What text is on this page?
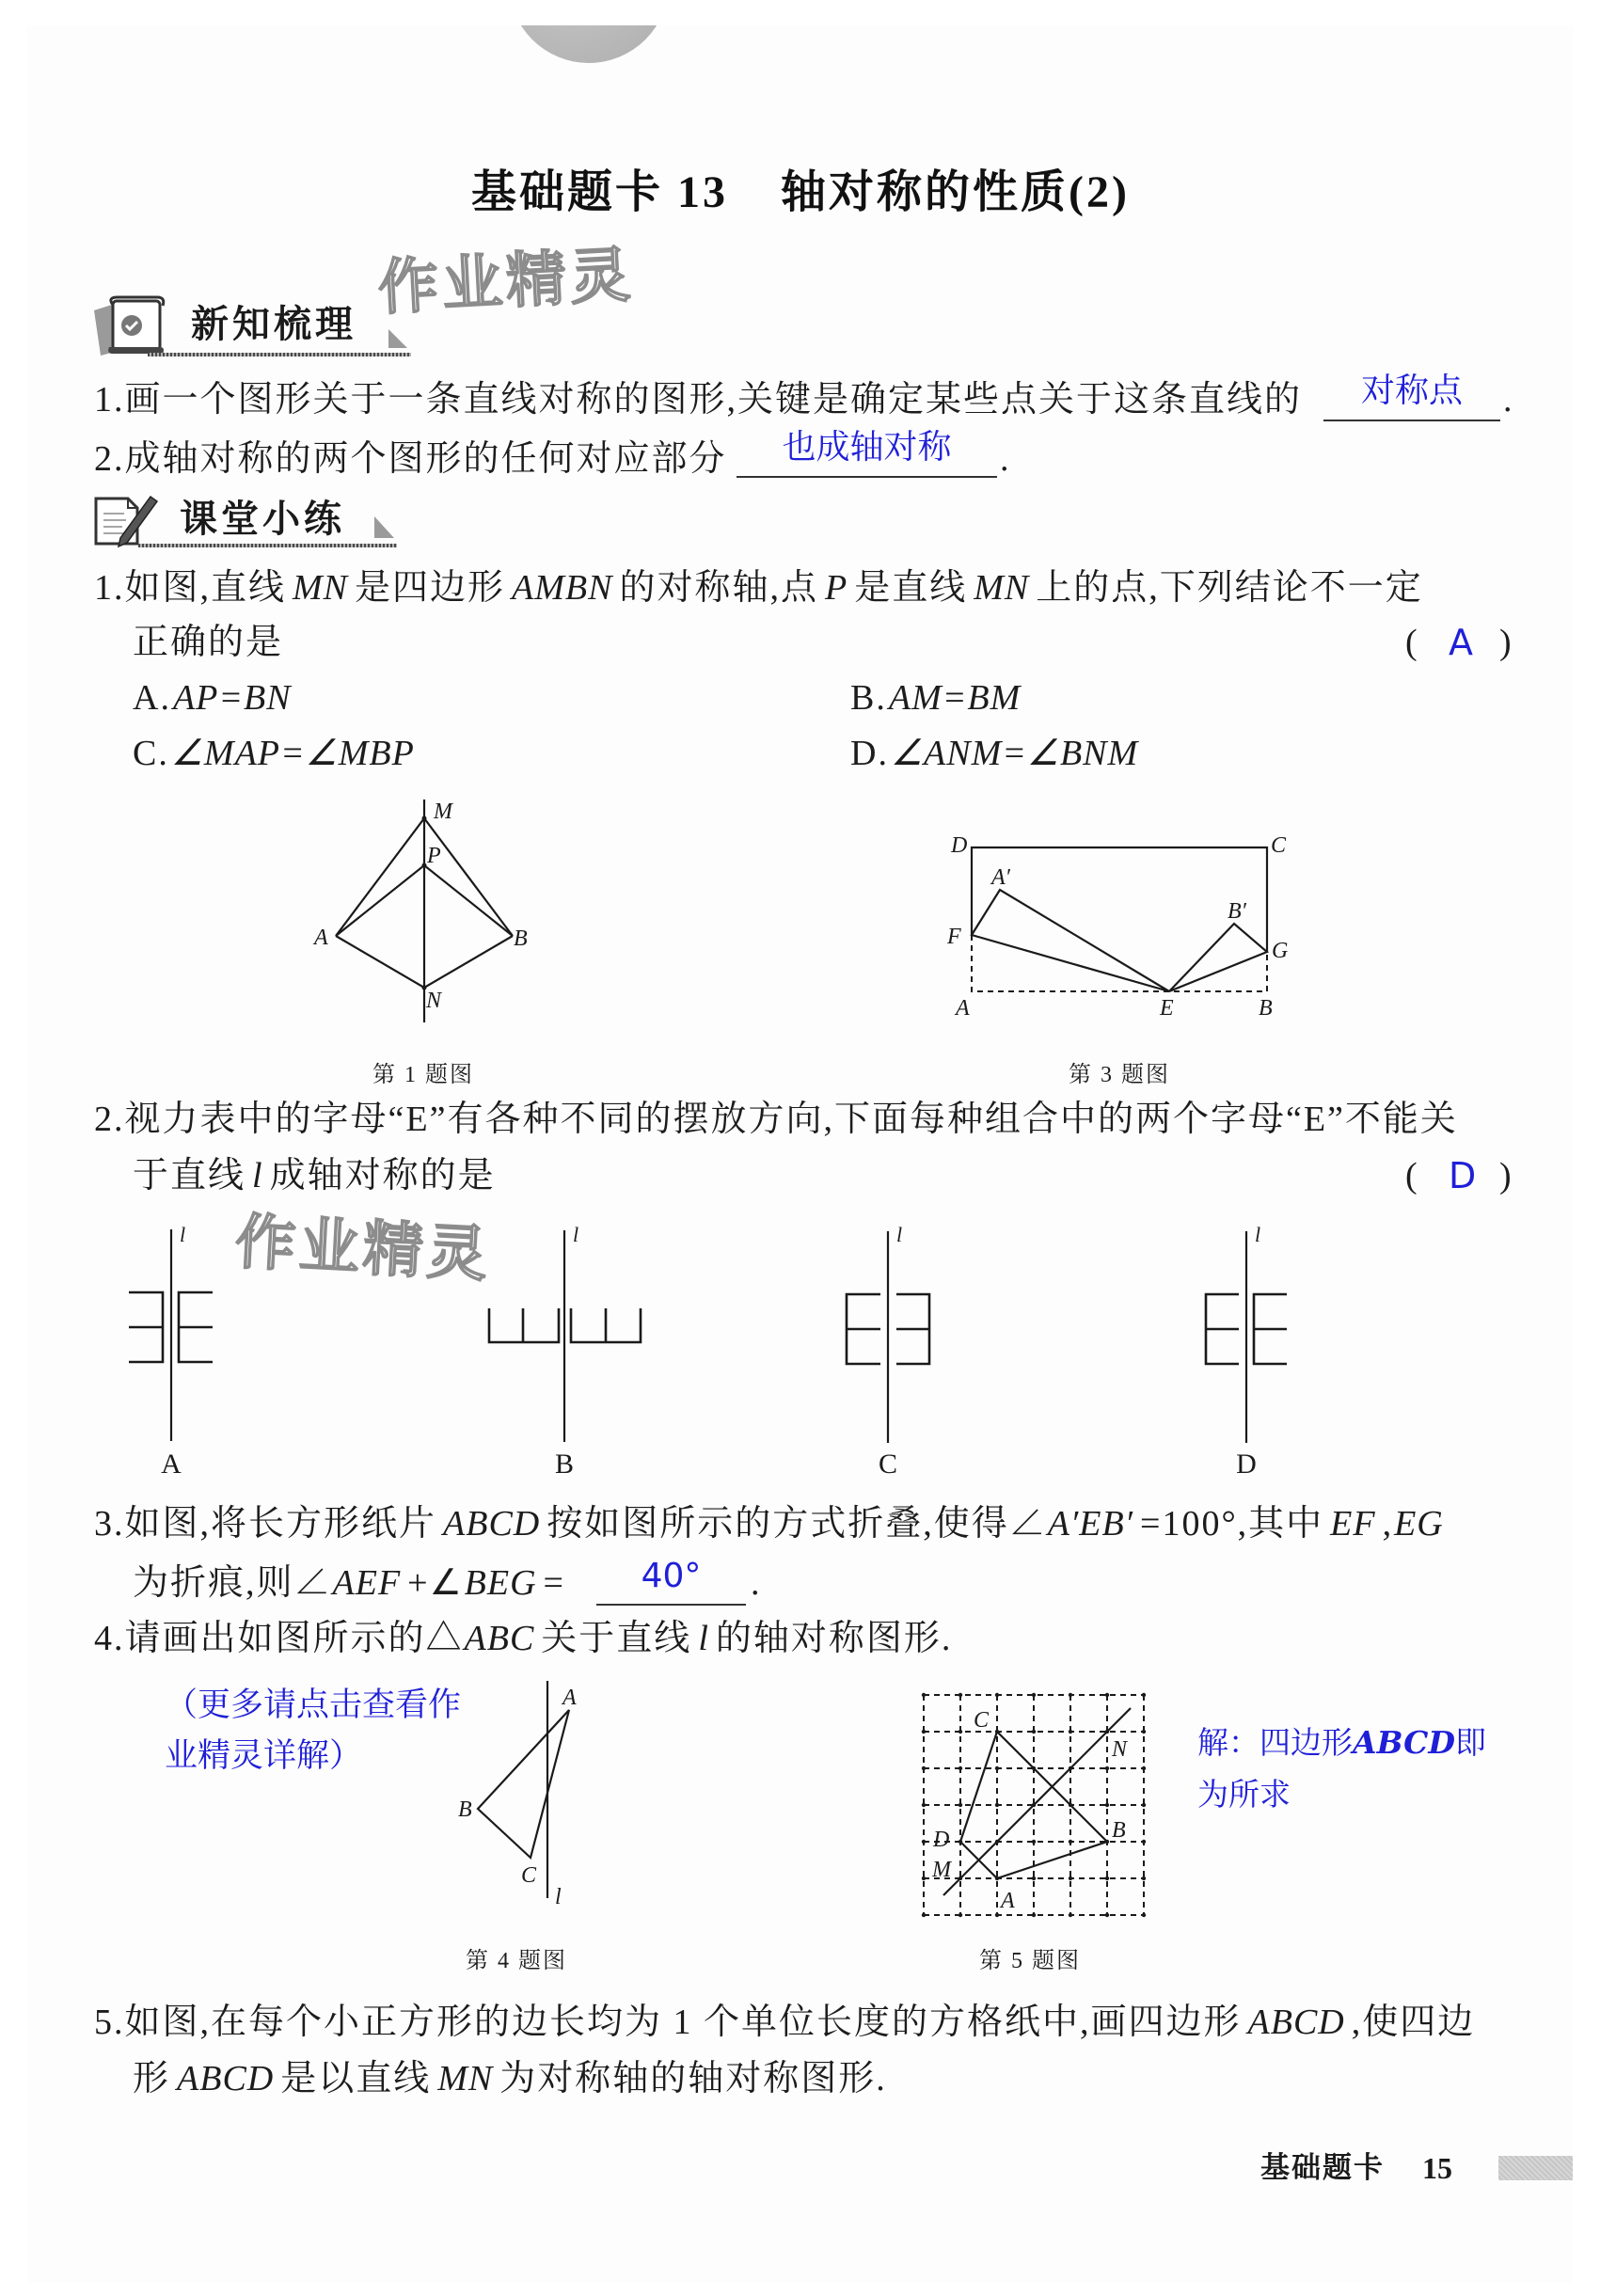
基础题卡 13 轴对称的性质(2)
作业精灵
作业精灵
新知梳理
1.画一个图形关于一条直线对称的图形,关键是确定某些点关于这条直线的	对称点	.
2.成轴对称的两个图形的任何对应部分	也成轴对称	.
课堂小练
1.如图,直线 MN 是四边形 AMBN 的对称轴,点 P 是直线 MN 上的点,下列结论不一定
正确的是	( A )
A.AP=BN	B.AM=BM
C.∠MAP=∠MBP	D.∠ANM=∠BNM
第 1 题图	第 3 题图
2.视力表中的字母“E”有各种不同的摆放方向,下面每种组合中的两个字母“E”不能关
于直线 l 成轴对称的是	( D )
3.如图,将长方形纸片 ABCD 按如图所示的方式折叠,使得∠A′EB′ =100°,其中 EF ,EG
为折痕,则∠AEF +∠BEG =	40°	.
4.请画出如图所示的△ABC 关于直线 l 的轴对称图形.
（更多请点击查看作
业精灵详解）	解：四边形ABCD即
为所求
第 4 题图	第 5 题图
5.如图,在每个小正方形的边长均为 1 个单位长度的方格纸中,画四边形 ABCD ,使四边
形 ABCD 是以直线 MN 为对称轴的轴对称图形.
基础题卡 15
M
P
A	B
N
D	C
A′
F
B′
G
A	E	B
l
A
l
B
l
C
l
D
A
B
C
l
C
N
B
D
M
A
